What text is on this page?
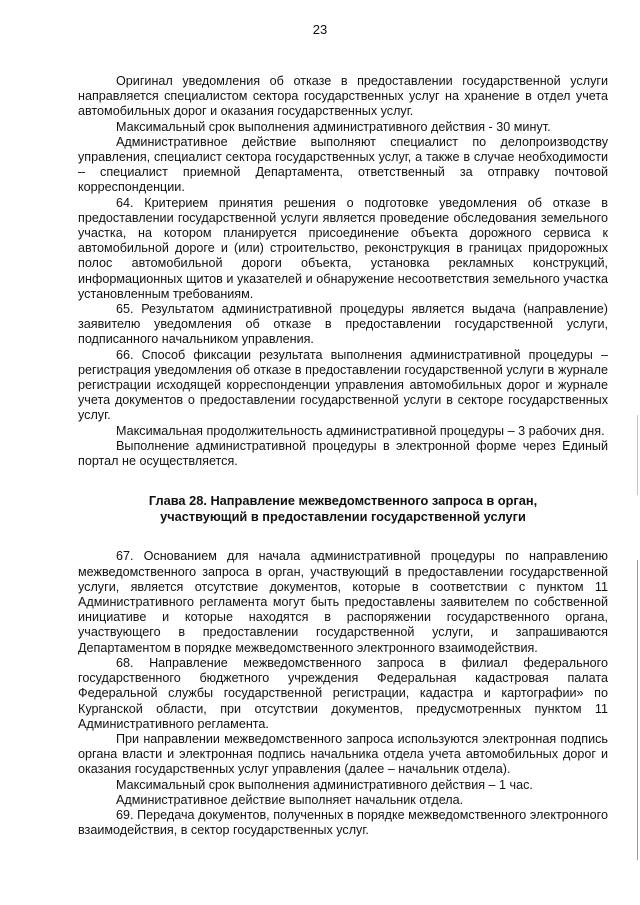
23

Оригинал уведомления об отказе в предоставлении государственной услуги направляется специалистом сектора государственных услуг на хранение в отдел учета автомобильных дорог и оказания государственных услуг.

Максимальный срок выполнения административного действия - 30 минут.

Административное действие выполняют специалист по делопроизводству управления, специалист сектора государственных услуг, а также в случае необходимости – специалист приемной Департамента, ответственный за отправку почтовой корреспонденции.

64. Критерием принятия решения о подготовке уведомления об отказе в предоставлении государственной услуги является проведение обследования земельного участка, на котором планируется присоединение объекта дорожного сервиса к автомобильной дороге и (или) строительство, реконструкция в границах придорожных полос автомобильной дороги объекта, установка рекламных конструкций, информационных щитов и указателей и обнаружение несоответствия земельного участка установленным требованиям.

65. Результатом административной процедуры является выдача (направление) заявителю уведомления об отказе в предоставлении государственной услуги, подписанного начальником управления.

66. Способ фиксации результата выполнения административной процедуры – регистрация уведомления об отказе в предоставлении государственной услуги в журнале регистрации исходящей корреспонденции управления автомобильных дорог и журнале учета документов о предоставлении государственной услуги в секторе государственных услуг.

Максимальная продолжительность административной процедуры – 3 рабочих дня.

Выполнение административной процедуры в электронной форме через Единый портал не осуществляется.

Глава 28. Направление межведомственного запроса в орган,
участвующий в предоставлении государственной услуги

67. Основанием для начала административной процедуры по направлению межведомственного запроса в орган, участвующий в предоставлении государственной услуги, является отсутствие документов, которые в соответствии с пунктом 11 Административного регламента могут быть предоставлены заявителем по собственной инициативе и которые находятся в распоряжении государственного органа, участвующего в предоставлении государственной услуги, и запрашиваются Департаментом в порядке межведомственного электронного взаимодействия.

68. Направление межведомственного запроса в филиал федерального государственного бюджетного учреждения Федеральная кадастровая палата Федеральной службы государственной регистрации, кадастра и картографии» по Курганской области, при отсутствии документов, предусмотренных пунктом 11 Административного регламента.

При направлении межведомственного запроса используются электронная подпись органа власти и электронная подпись начальника отдела учета автомобильных дорог и оказания государственных услуг управления (далее – начальник отдела).

Максимальный срок выполнения административного действия – 1 час.

Административное действие выполняет начальник отдела.

69. Передача документов, полученных в порядке межведомственного электронного взаимодействия, в сектор государственных услуг.
